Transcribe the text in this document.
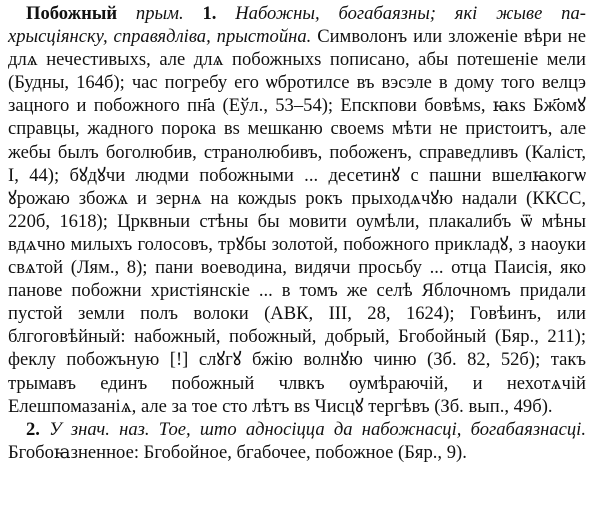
Побожный прым. 1. Набожны, богабаязны; які жыве па-хрысціянску, справядліва, прыстойна. Символонъ или зложеніе вѣри не длѧ нечестивыхѕ, але длѧ побожныхѕ пописано, абы потешеніе мели (Будны, 164б); час погребу его ѡбротилсе въ вэсэле в дому того велцэ зацного и побожного пн҃а (Еўл., 53–54); Епскпови бовѣмѕ, ꙗкѕ Бж҃омꙋ справцы, жадного порока вѕ мешканю своемѕ мѣти не пристоитъ, але жебы былъ боголюбив, странолюбивъ, побоженъ, справедливъ (Каліст, I, 44); бꙋдꙋчи людми побожными ... десетинꙋ с пашни вшелꙗкогѡ ꙋрожаю збожѧ и зернѧ на кождыѕ рокъ прыходѧчꙋю надали (ККСС, 220б, 1618); Црквныи стѣны бы мовити оумѣли, плакалибъ ѿ мѣны вдѧчно милыхъ голосовъ, трꙋбы золотой, побожного прикладꙋ, з наоуки свѧтой (Лям., 8); пани воеводина, видячи просьбу ... отца Паисія, яко панове побожни христіянскіе ... в томъ же селѣ Яблочномъ придали пустой земли полъ волоки (АВК, III, 28, 1624); Говѣинъ, или блгоговѣйный: набожный, побожный, добрый, Бгобойный (Бяр., 211); феклу побожъную [!] слꙋгꙋ бжію волнꙋю чиню (Зб. 82, 52б); такъ трымавъ единъ побожный члвкъ оумѣраючій, и нехотѧчій Елешпомазаніѧ, але за тое сто лѣтъ вѕ Чисцꙋ тергѣвъ (Зб. вып., 49б).

2. У знач. наз. Тое, што адносіцца да набожнасці, богабаязнасці. Бгобоꙗзненное: Бгобойное, бгабочее, побожное (Бяр., 9).
